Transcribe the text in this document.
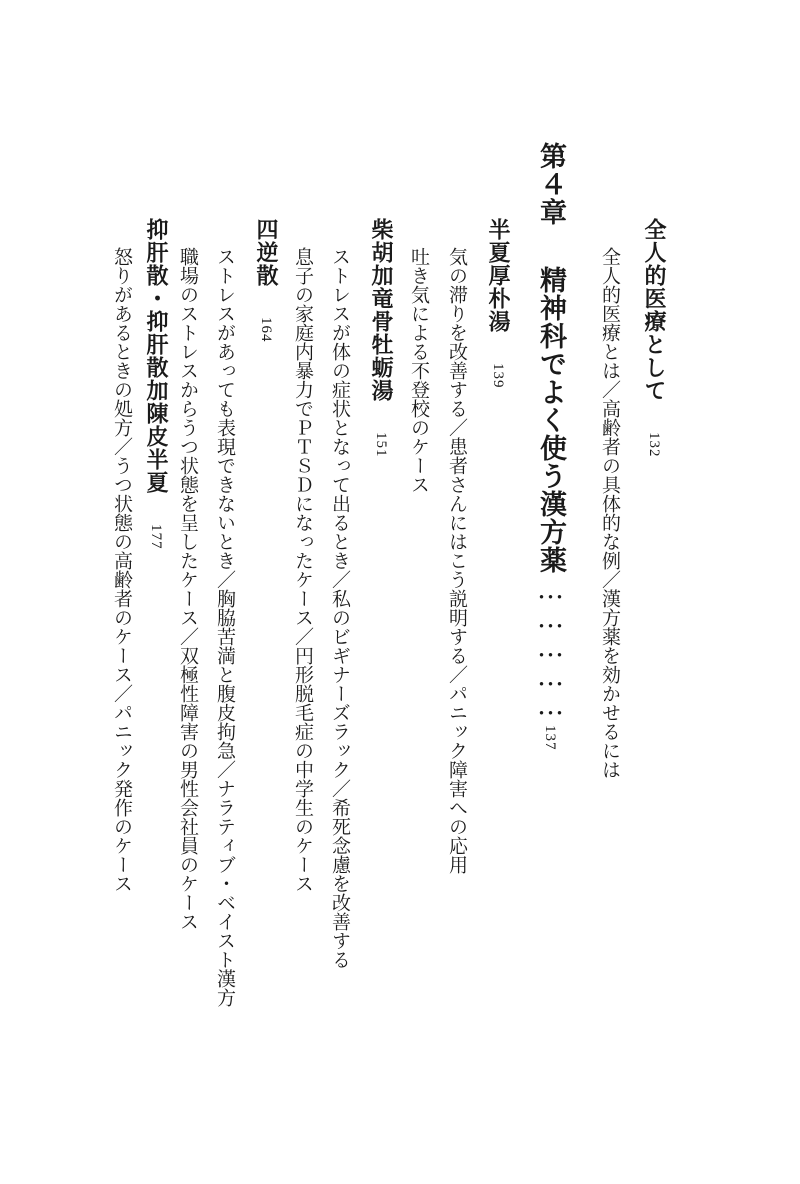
全人的医療として132
全人的医療とは／高齢者の具体的な例／漢方薬を効かせるには
第４章精神科でよく使う漢方薬……………137
半夏厚朴湯139
気の滞りを改善する／患者さんにはこう説明する／パニック障害への応用
吐き気による不登校のケース
柴胡加竜骨牡蛎湯151
ストレスが体の症状となって出るとき／私のビギナーズラック／希死念慮を改善する
息子の家庭内暴力でＰＴＳＤになったケース／円形脱毛症の中学生のケース
四逆散164
ストレスがあっても表現できないとき／胸脇苦満と腹皮拘急／ナラティブ・ベイスト漢方
職場のストレスからうつ状態を呈したケース／双極性障害の男性会社員のケース
抑肝散・抑肝散加陳皮半夏177
怒りがあるときの処方／うつ状態の高齢者のケース／パニック発作のケース
